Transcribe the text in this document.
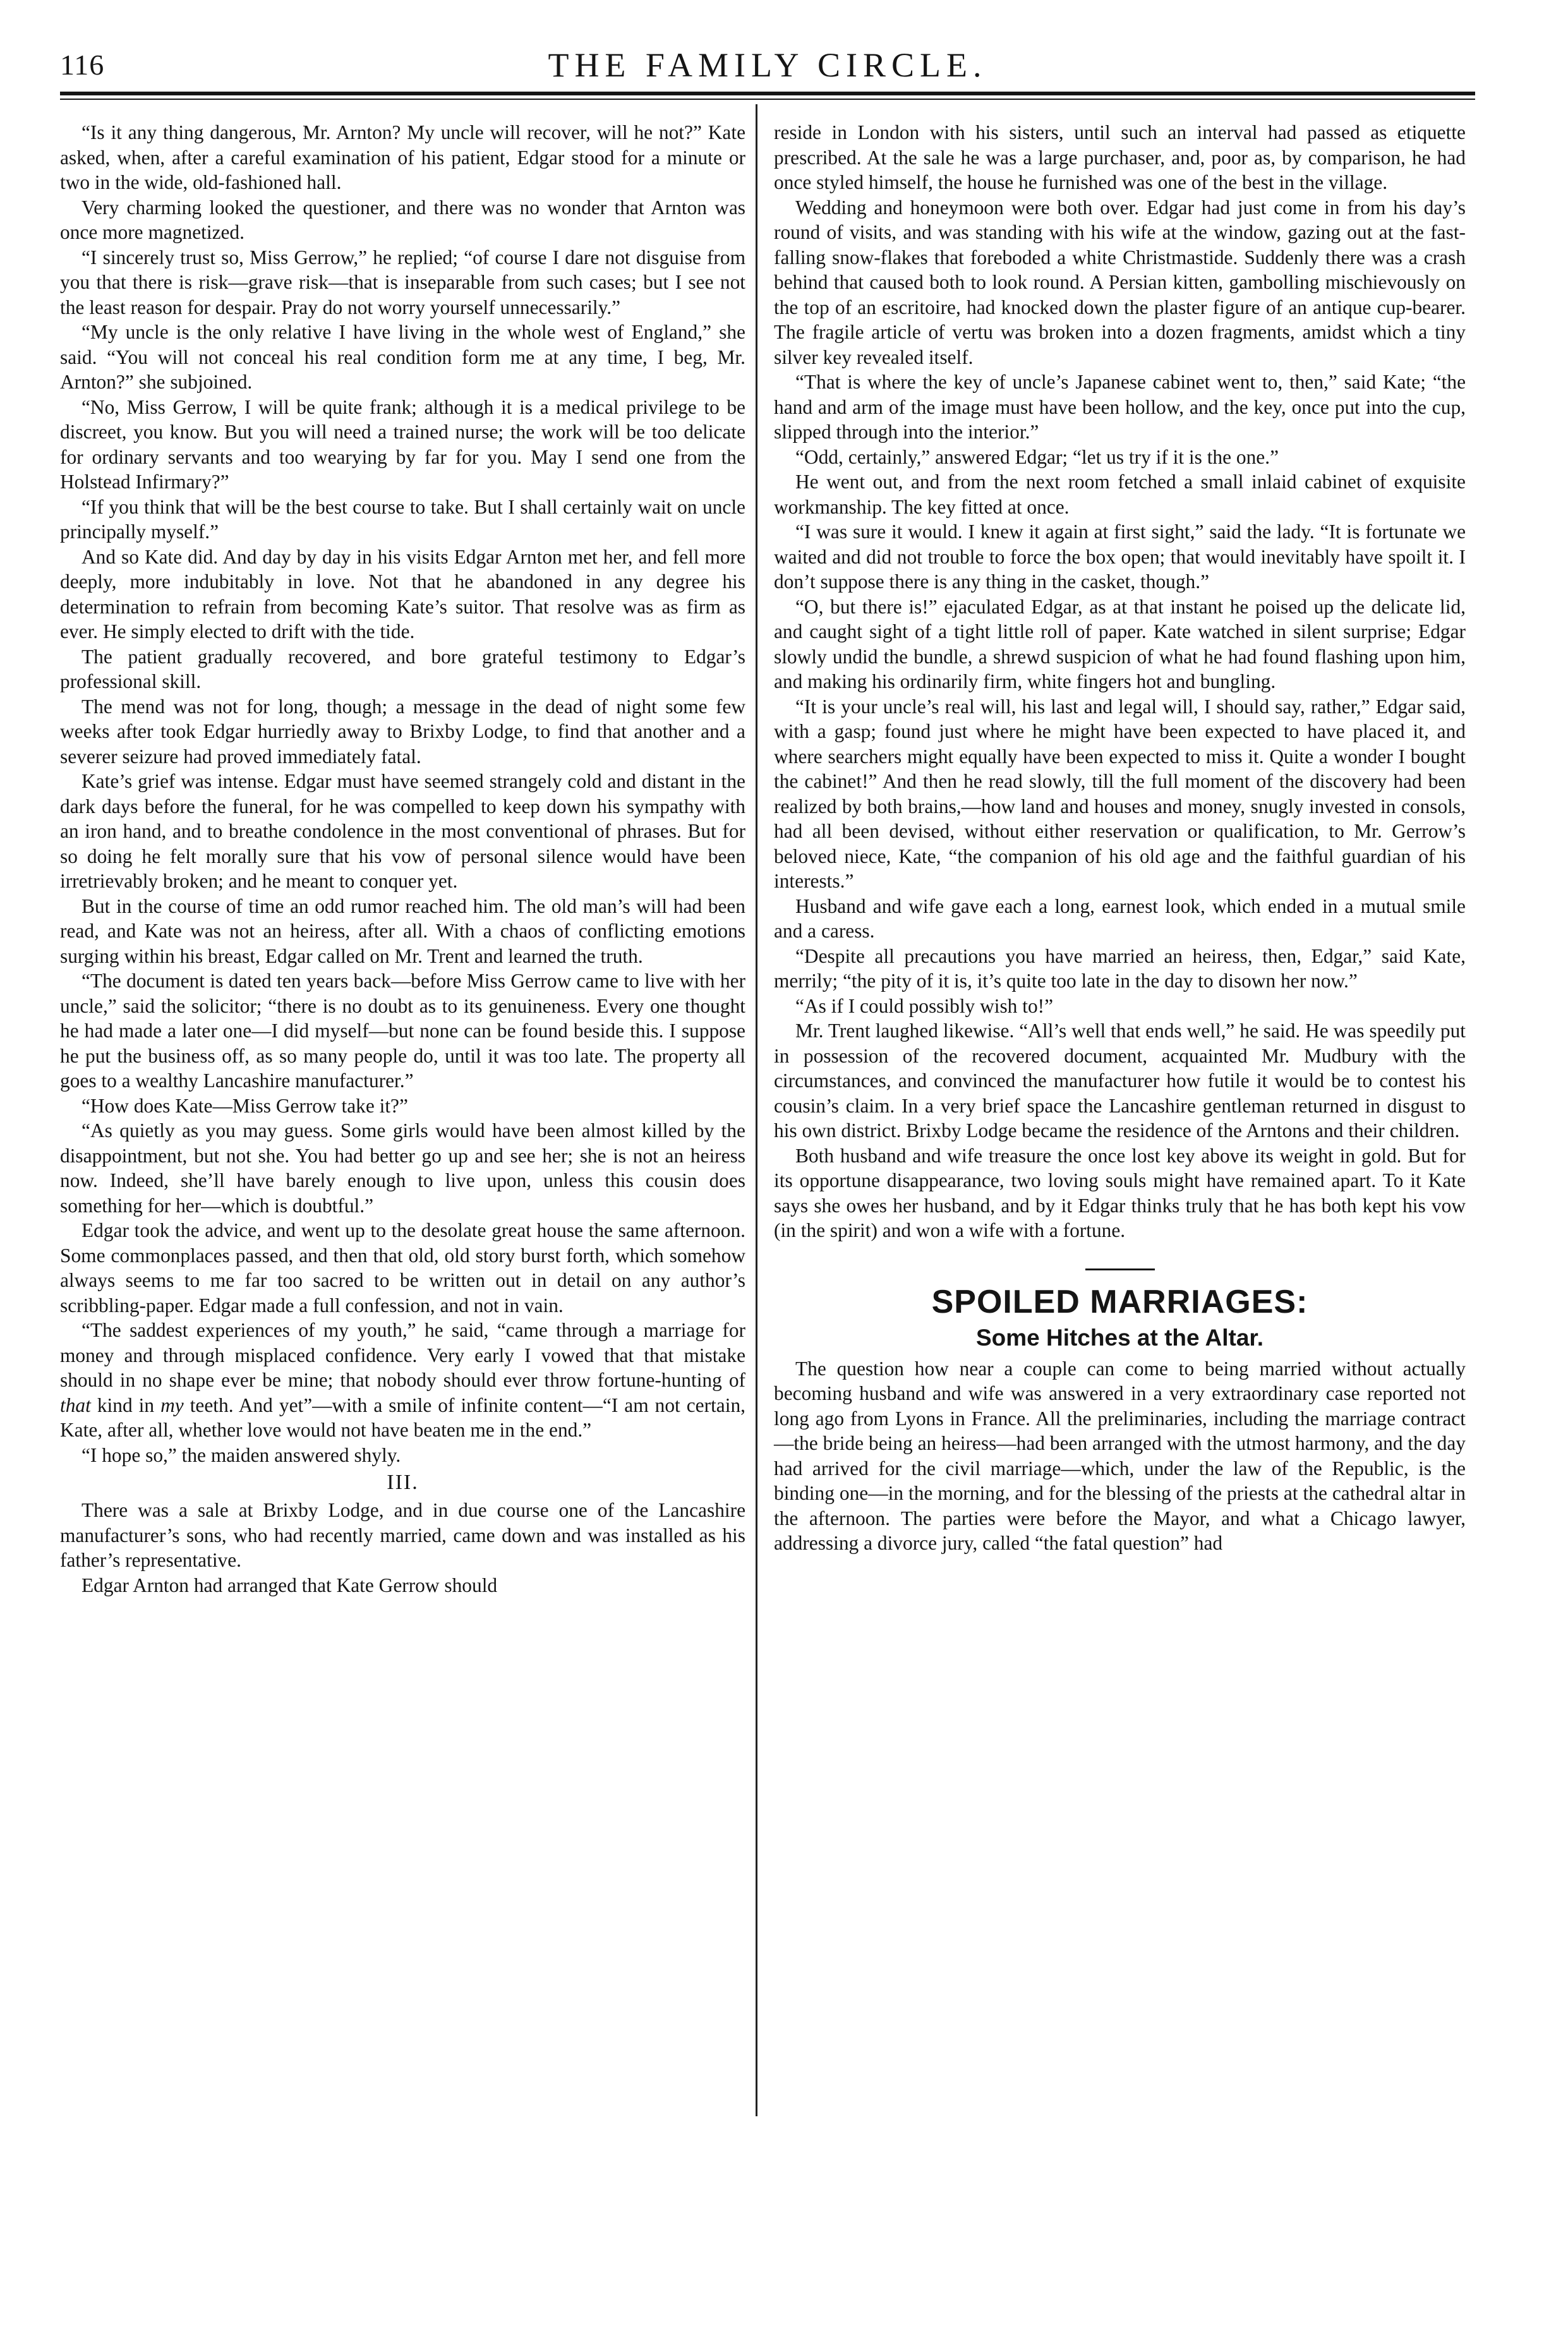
116	THE FAMILY CIRCLE.

“Is it any thing dangerous, Mr. Arnton? My uncle will recover, will he not?” Kate asked, when, after a careful examination of his patient, Edgar stood for a minute or two in the wide, old-fashioned hall.

Very charming looked the questioner, and there was no wonder that Arnton was once more magnetized.

“I sincerely trust so, Miss Gerrow,” he replied; “of course I dare not disguise from you that there is risk—grave risk—that is inseparable from such cases; but I see not the least reason for despair. Pray do not worry yourself unnecessarily.”

“My uncle is the only relative I have living in the whole west of England,” she said. “You will not conceal his real condition form me at any time, I beg, Mr. Arnton?” she subjoined.

“No, Miss Gerrow, I will be quite frank; although it is a medical privilege to be discreet, you know. But you will need a trained nurse; the work will be too delicate for ordinary servants and too wearying by far for you. May I send one from the Holstead Infirmary?”

“If you think that will be the best course to take. But I shall certainly wait on uncle principally myself.”

And so Kate did. And day by day in his visits Edgar Arnton met her, and fell more deeply, more indubitably in love. Not that he abandoned in any degree his determination to refrain from becoming Kate’s suitor. That resolve was as firm as ever. He simply elected to drift with the tide.

The patient gradually recovered, and bore grateful testimony to Edgar’s professional skill.

The mend was not for long, though; a message in the dead of night some few weeks after took Edgar hurriedly away to Brixby Lodge, to find that another and a severer seizure had proved immediately fatal.

Kate’s grief was intense. Edgar must have seemed strangely cold and distant in the dark days before the funeral, for he was compelled to keep down his sympathy with an iron hand, and to breathe condolence in the most conventional of phrases. But for so doing he felt morally sure that his vow of personal silence would have been irretrievably broken; and he meant to conquer yet.

But in the course of time an odd rumor reached him. The old man’s will had been read, and Kate was not an heiress, after all. With a chaos of conflicting emotions surging within his breast, Edgar called on Mr. Trent and learned the truth.

“The document is dated ten years back—before Miss Gerrow came to live with her uncle,” said the solicitor; “there is no doubt as to its genuineness. Every one thought he had made a later one—I did myself—but none can be found beside this. I suppose he put the business off, as so many people do, until it was too late. The property all goes to a wealthy Lancashire manufacturer.”

“How does Kate—Miss Gerrow take it?”

“As quietly as you may guess. Some girls would have been almost killed by the disappointment, but not she. You had better go up and see her; she is not an heiress now. Indeed, she’ll have barely enough to live upon, unless this cousin does something for her—which is doubtful.”

Edgar took the advice, and went up to the desolate great house the same afternoon. Some commonplaces passed, and then that old, old story burst forth, which somehow always seems to me far too sacred to be written out in detail on any author’s scribbling-paper. Edgar made a full confession, and not in vain.

“The saddest experiences of my youth,” he said, “came through a marriage for money and through misplaced confidence. Very early I vowed that that mistake should in no shape ever be mine; that nobody should ever throw fortune-hunting of that kind in my teeth. And yet”—with a smile of infinite content—“I am not certain, Kate, after all, whether love would not have beaten me in the end.”

“I hope so,” the maiden answered shyly.

III.

There was a sale at Brixby Lodge, and in due course one of the Lancashire manufacturer’s sons, who had recently married, came down and was installed as his father’s representative.

Edgar Arnton had arranged that Kate Gerrow should

reside in London with his sisters, until such an interval had passed as etiquette prescribed. At the sale he was a large purchaser, and, poor as, by comparison, he had once styled himself, the house he furnished was one of the best in the village.

Wedding and honeymoon were both over. Edgar had just come in from his day’s round of visits, and was standing with his wife at the window, gazing out at the fast-falling snow-flakes that foreboded a white Christmastide. Suddenly there was a crash behind that caused both to look round. A Persian kitten, gambolling mischievously on the top of an escritoire, had knocked down the plaster figure of an antique cup-bearer. The fragile article of vertu was broken into a dozen fragments, amidst which a tiny silver key revealed itself.

“That is where the key of uncle’s Japanese cabinet went to, then,” said Kate; “the hand and arm of the image must have been hollow, and the key, once put into the cup, slipped through into the interior.”

“Odd, certainly,” answered Edgar; “let us try if it is the one.”

He went out, and from the next room fetched a small inlaid cabinet of exquisite workmanship. The key fitted at once.

“I was sure it would. I knew it again at first sight,” said the lady. “It is fortunate we waited and did not trouble to force the box open; that would inevitably have spoilt it. I don’t suppose there is any thing in the casket, though.”

“O, but there is!” ejaculated Edgar, as at that instant he poised up the delicate lid, and caught sight of a tight little roll of paper. Kate watched in silent surprise; Edgar slowly undid the bundle, a shrewd suspicion of what he had found flashing upon him, and making his ordinarily firm, white fingers hot and bungling.

“It is your uncle’s real will, his last and legal will, I should say, rather,” Edgar said, with a gasp; found just where he might have been expected to have placed it, and where searchers might equally have been expected to miss it. Quite a wonder I bought the cabinet!” And then he read slowly, till the full moment of the discovery had been realized by both brains,—how land and houses and money, snugly invested in consols, had all been devised, without either reservation or qualification, to Mr. Gerrow’s beloved niece, Kate, “the companion of his old age and the faithful guardian of his interests.”

Husband and wife gave each a long, earnest look, which ended in a mutual smile and a caress.

“Despite all precautions you have married an heiress, then, Edgar,” said Kate, merrily; “the pity of it is, it’s quite too late in the day to disown her now.”

“As if I could possibly wish to!”

Mr. Trent laughed likewise. “All’s well that ends well,” he said. He was speedily put in possession of the recovered document, acquainted Mr. Mudbury with the circumstances, and convinced the manufacturer how futile it would be to contest his cousin’s claim. In a very brief space the Lancashire gentleman returned in disgust to his own district. Brixby Lodge became the residence of the Arntons and their children.

Both husband and wife treasure the once lost key above its weight in gold. But for its opportune disappearance, two loving souls might have remained apart. To it Kate says she owes her husband, and by it Edgar thinks truly that he has both kept his vow (in the spirit) and won a wife with a fortune.

SPOILED MARRIAGES:
Some Hitches at the Altar.

The question how near a couple can come to being married without actually becoming husband and wife was answered in a very extraordinary case reported not long ago from Lyons in France. All the preliminaries, including the marriage contract—the bride being an heiress—had been arranged with the utmost harmony, and the day had arrived for the civil marriage—which, under the law of the Republic, is the binding one—in the morning, and for the blessing of the priests at the cathedral altar in the afternoon. The parties were before the Mayor, and what a Chicago lawyer, addressing a divorce jury, called “the fatal question” had
